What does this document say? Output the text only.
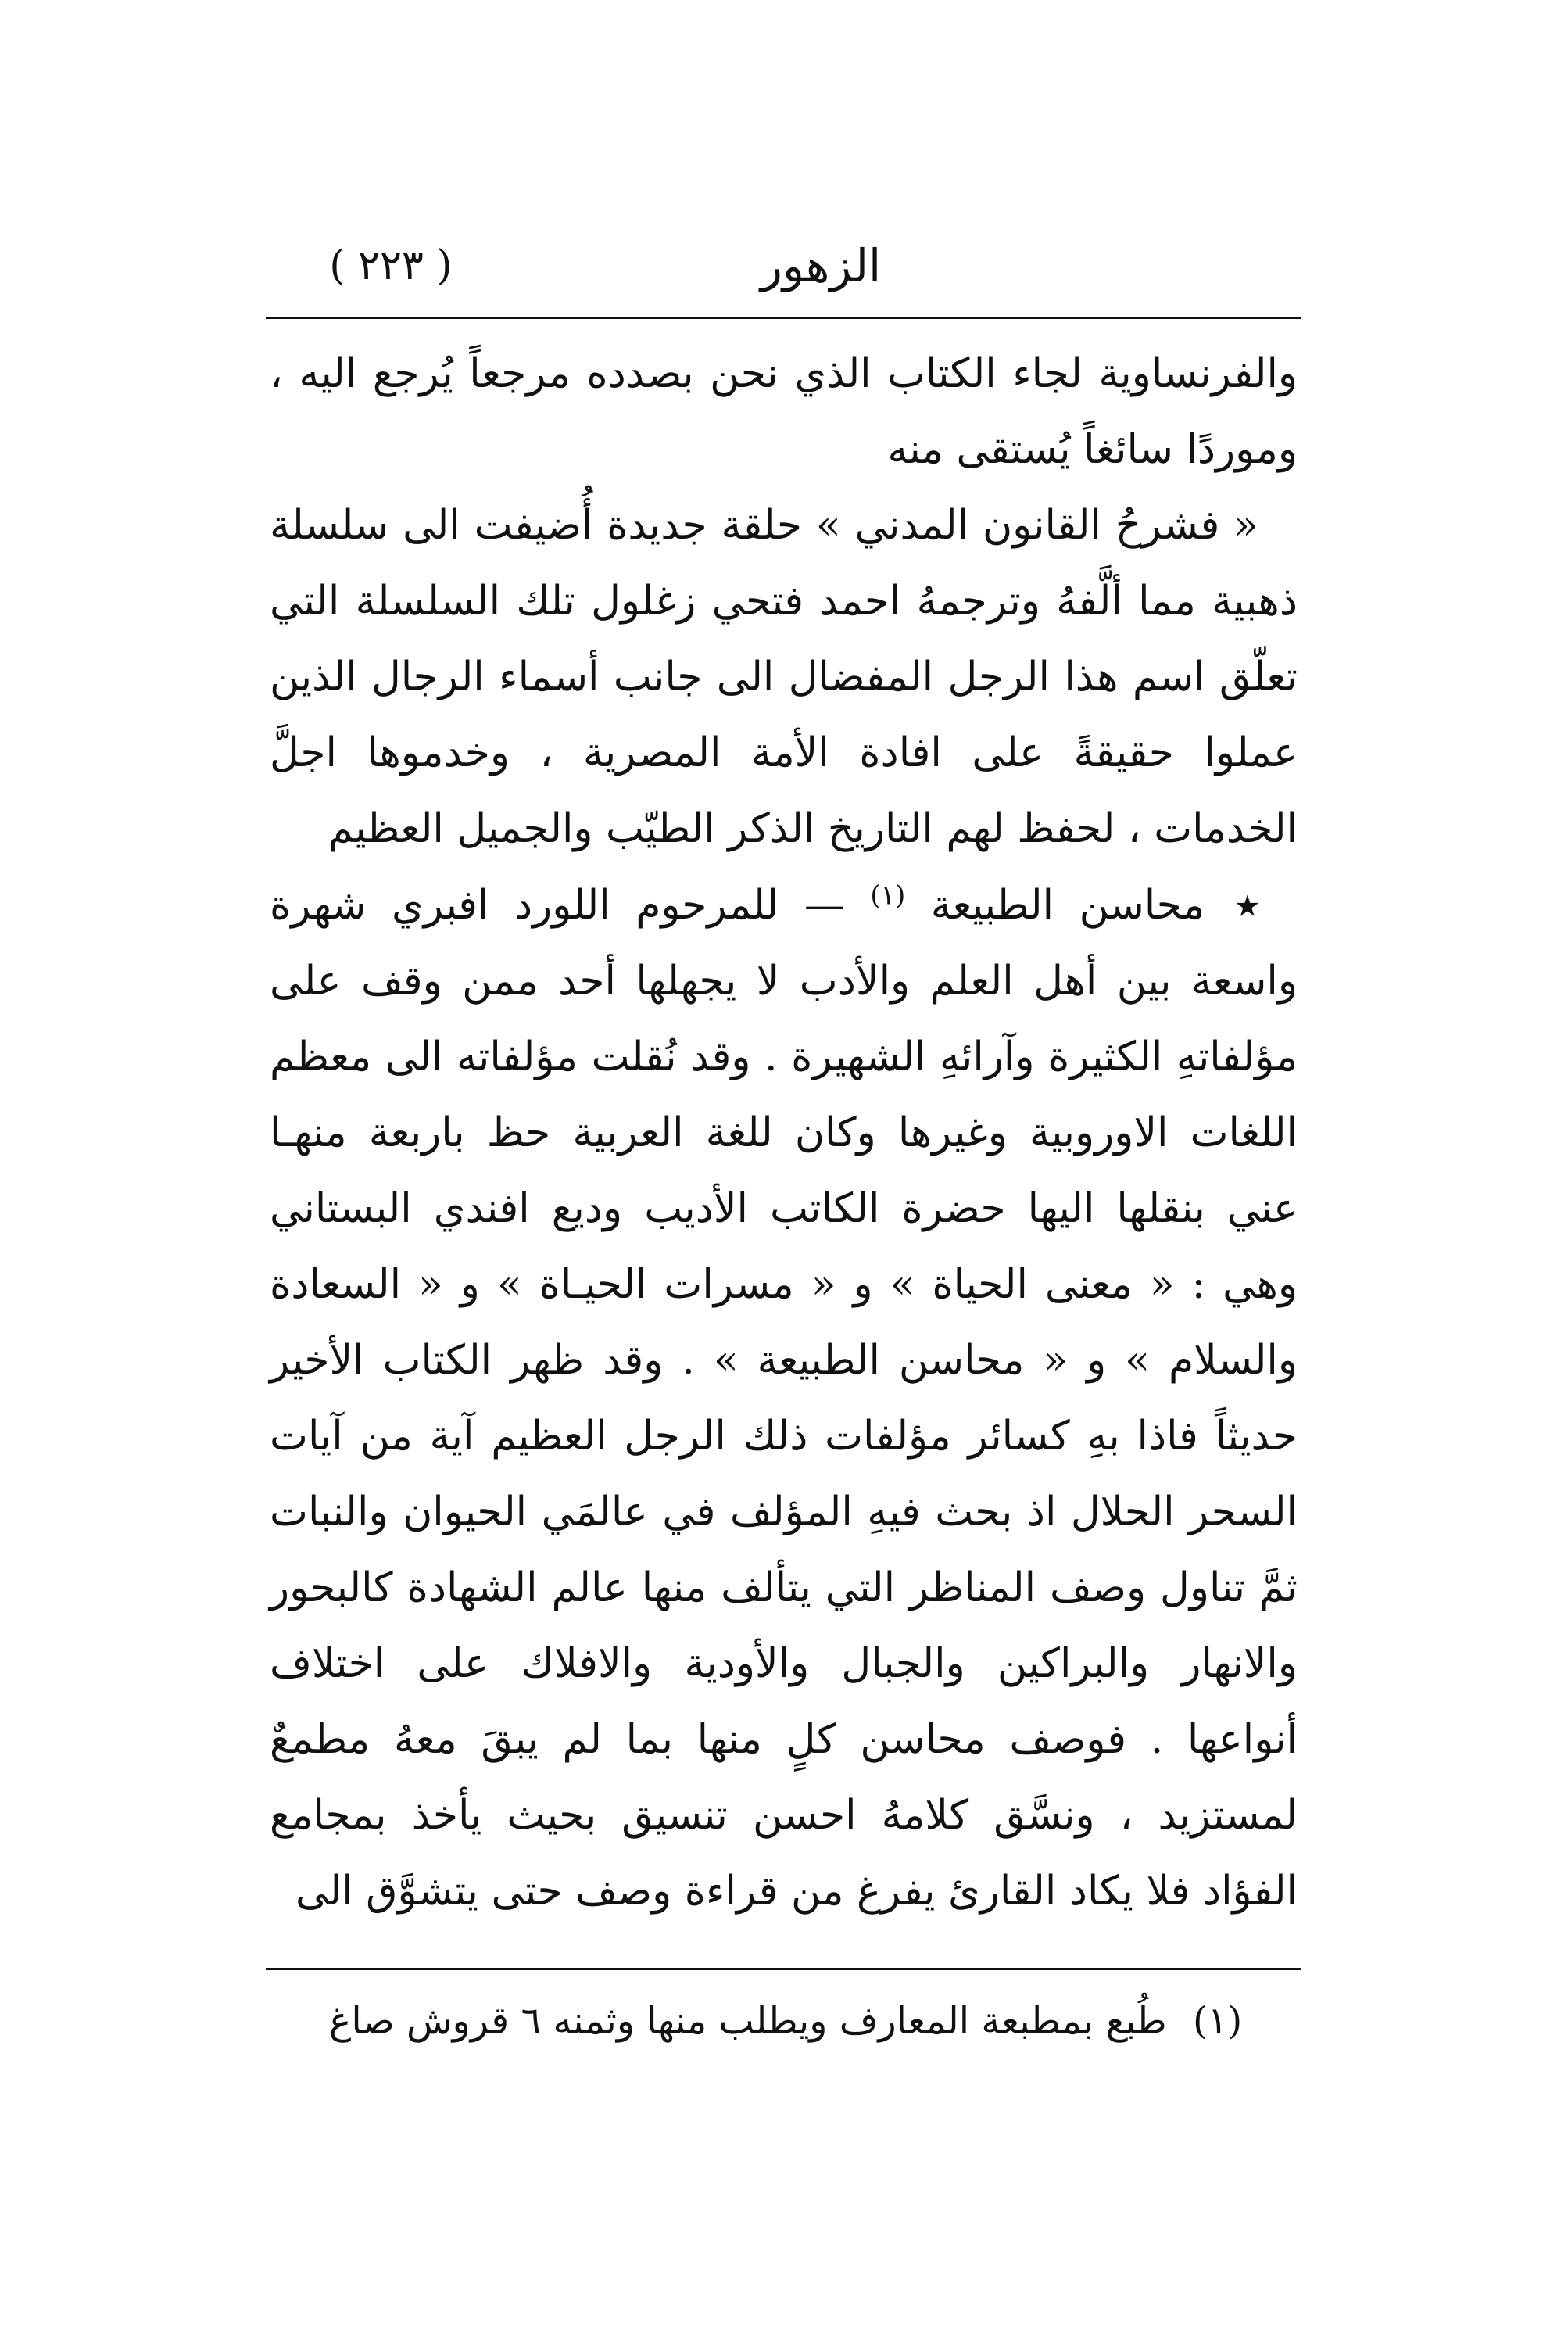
الزهور
( ٢٢٣ )

والفرنساوية لجاء الكتاب الذي نحن بصدده مرجعاً يُرجع اليه ، وموردًا سائغاً يُستقى منه

« فشرحُ القانون المدني » حلقة جديدة أُضيفت الى سلسلة ذهبية مما ألَّفهُ وترجمهُ احمد فتحي زغلول تلك السلسلة التي تعلّق اسم هذا الرجل المفضال الى جانب أسماء الرجال الذين عملوا حقيقةً على افادة الأمة المصرية ، وخدموها اجلَّ الخدمات ، لحفظ لهم التاريخ الذكر الطيّب والجميل العظيم

٭ محاسن الطبيعة $^{(١)}$ — للمرحوم اللورد افبري شهرة واسعة بين أهل العلم والأدب لا يجهلها أحد ممن وقف على مؤلفاتهِ الكثيرة وآرائهِ الشهيرة . وقد نُقلت مؤلفاته الى معظم اللغات الاوروبية وغيرها وكان للغة العربية حظ باربعة منهـا عني بنقلها اليها حضرة الكاتب الأديب وديع افندي البستاني وهي : « معنى الحياة » و « مسرات الحيـاة » و « السعادة والسلام » و « محاسن الطبيعة » . وقد ظهر الكتاب الأخير حديثاً فاذا بهِ كسائر مؤلفات ذلك الرجل العظيم آية من آيات السحر الحلال اذ بحث فيهِ المؤلف في عالمَي الحيوان والنبات ثمَّ تناول وصف المناظر التي يتألف منها عالم الشهادة كالبحور والانهار والبراكين والجبال والأودية والافلاك على اختلاف أنواعها . فوصف محاسن كلٍ منها بما لم يبقَ معهُ مطمعٌ لمستزيد ، ونسَّق كلامهُ احسن تنسيق بحيث يأخذ بمجامع الفؤاد فلا يكاد القارئ يفرغ من قراءة وصف حتى يتشوَّق الى

(١) طُبع بمطبعة المعارف ويطلب منها وثمنه ٦ قروش صاغ
